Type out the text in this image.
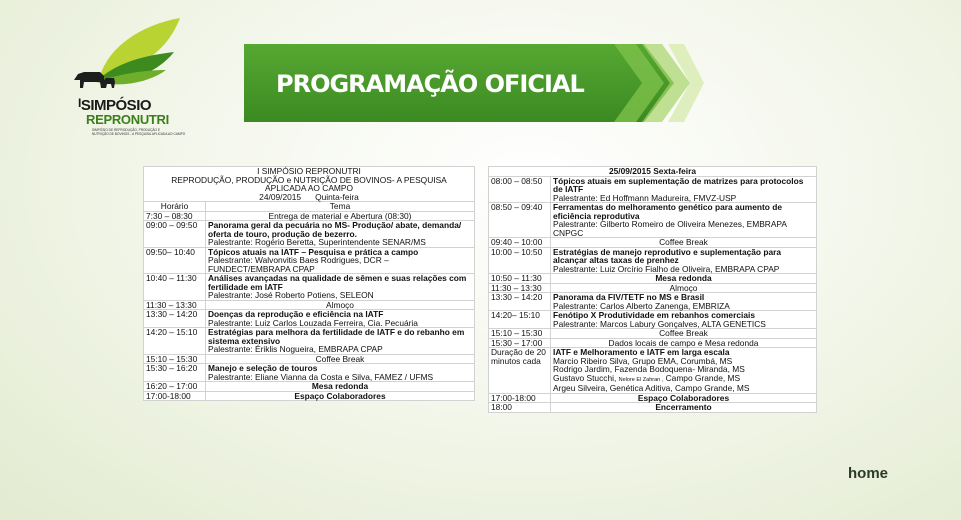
$^I$SIMPÓSIO
REPRONUTRI
SIMPÓSIO DE REPRODUÇÃO, PRODUÇÃO E
NUTRIÇÃO DE BOVINOS - A PESQUISA APLICADA AO CAMPO
PROGRAMAÇÃO OFICIAL
I SIMPÓSIO REPRONUTRI
REPRODUÇÃO, PRODUÇÃO e NUTRIÇÃO DE BOVINOS- A PESQUISA
APLICADA AO CAMPO
24/09/2015 Quinta-feira	

Horário	Tema
7:30 – 08:30	Entrega de material e Abertura (08:30)
09:00 – 09:50	Panorama geral da pecuária no MS- Produção/ abate, demanda/ oferta de touro, produção de bezerro.
Palestrante: Rogério Beretta, Superintendente SENAR/MS

09:50– 10:40	Tópicos atuais na IATF – Pesquisa e prática a campo
Palestrante: Walvonvitis Baes Rodrigues, DCR – FUNDECT/EMBRAPA CPAP

10:40 – 11:30	Análises avançadas na qualidade de sêmen e suas relações com fertilidade em IATF
Palestrante: José Roberto Potiens, SELEON

11:30 – 13:30	Almoço
13:30 – 14:20	Doenças da reprodução e eficiência na IATF
Palestrante: Luiz Carlos Louzada Ferreira, Cia. Pecuária

14:20 – 15:10	Estratégias para melhora da fertilidade de IATF e do rebanho em sistema extensivo
Palestrante: Ériklis Nogueira, EMBRAPA CPAP

15:10 – 15:30	Coffee Break
15:30 – 16:20	Manejo e seleção de touros
Palestrante: Eliane Vianna da Costa e Silva, FAMEZ / UFMS

16:20 – 17:00	Mesa redonda
17:00-18:00	Espaço Colaboradores
25/09/2015 Sexta-feira	
08:00 – 08:50	Tópicos atuais em suplementação de matrizes para protocolos de IATF
Palestrante: Ed Hoffmann Madureira, FMVZ-USP

08:50 – 09:40	Ferramentas do melhoramento genético para aumento de eficiência reprodutiva
Palestrante: Gilberto Romeiro de Oliveira Menezes, EMBRAPA CNPGC

09:40 – 10:00	Coffee Break
10:00 – 10:50	Estratégias de manejo reprodutivo e suplementação para alcançar altas taxas de prenhez
Palestrante: Luiz Orcírio Fialho de Oliveira, EMBRAPA CPAP

10:50 – 11:30	Mesa redonda
11:30 – 13:30	Almoço
13:30 – 14:20	Panorama da FIV/TETF no MS e Brasil
Palestrante: Carlos Alberto Zanenga, EMBRIZA

14:20– 15:10	Fenótipo X Produtividade em rebanhos comerciais
Palestrante: Marcos Labury Gonçalves, ALTA GENETICS

15:10 – 15:30	Coffee Break
15:30 – 17:00	Dados locais de campo e Mesa redonda
Duração de 20 minutos cada	IATF e Melhoramento e IATF em larga escala
Marcio Ribeiro Silva, Grupo EMA, Corumbá, MS
Rodrigo Jardim, Fazenda Bodoquena- Miranda, MS
Gustavo Stucchi, Nelore El Zahran , Campo Grande, MS
Argeu Silveira, Genética Aditiva, Campo Grande, MS

17:00-18:00	Espaço Colaboradores
18:00	Encerramento
home
